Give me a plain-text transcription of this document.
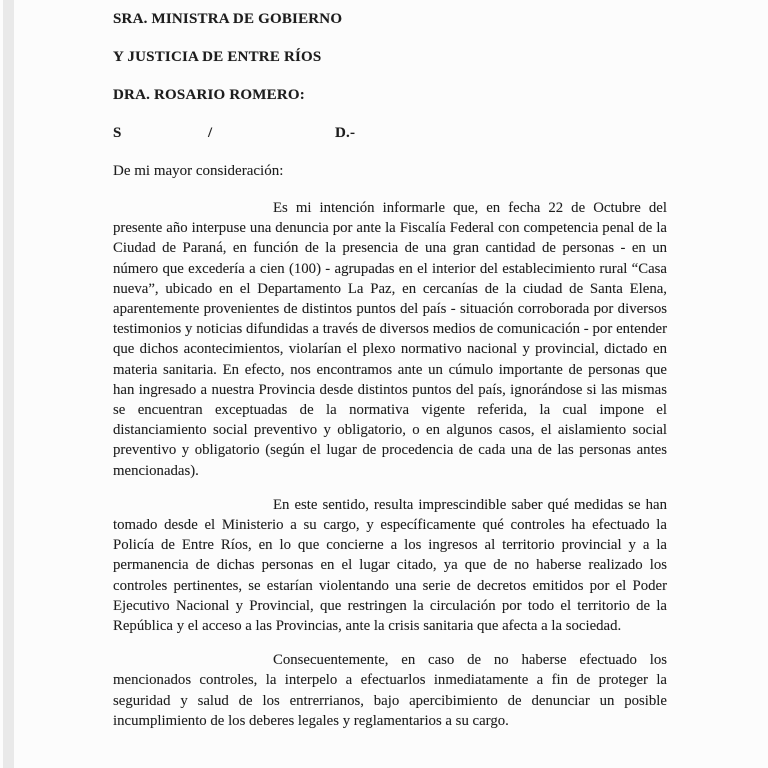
SRA. MINISTRA DE GOBIERNO
Y JUSTICIA DE ENTRE RÍOS
DRA. ROSARIO ROMERO:
S	/	D.-
De mi mayor consideración:

Es mi intención informarle que, en fecha 22 de Octubre del presente año interpuse una denuncia por ante la Fiscalía Federal con competencia penal de la Ciudad de Paraná, en función de la presencia de una gran cantidad de personas - en un número que excedería a cien (100) - agrupadas en el interior del establecimiento rural “Casa nueva”, ubicado en el Departamento La Paz, en cercanías de la ciudad de Santa Elena, aparentemente provenientes de distintos puntos del país - situación corroborada por diversos testimonios y noticias difundidas a través de diversos medios de comunicación - por entender que dichos acontecimientos, violarían el plexo normativo nacional y provincial, dictado en materia sanitaria. En efecto, nos encontramos ante un cúmulo importante de personas que han ingresado a nuestra Provincia desde distintos puntos del país, ignorándose si las mismas se encuentran exceptuadas de la normativa vigente referida, la cual impone el distanciamiento social preventivo y obligatorio, o en algunos casos, el aislamiento social preventivo y obligatorio (según el lugar de procedencia de cada una de las personas antes mencionadas).

En este sentido, resulta imprescindible saber qué medidas se han tomado desde el Ministerio a su cargo, y específicamente qué controles ha efectuado la Policía de Entre Ríos, en lo que concierne a los ingresos al territorio provincial y a la permanencia de dichas personas en el lugar citado, ya que de no haberse realizado los controles pertinentes, se estarían violentando una serie de decretos emitidos por el Poder Ejecutivo Nacional y Provincial, que restringen la circulación por todo el territorio de la República y el acceso a las Provincias, ante la crisis sanitaria que afecta a la sociedad.

Consecuentemente, en caso de no haberse efectuado los mencionados controles, la interpelo a efectuarlos inmediatamente a fin de proteger la seguridad y salud de los entrerrianos, bajo apercibimiento de denunciar un posible incumplimiento de los deberes legales y reglamentarios a su cargo.
